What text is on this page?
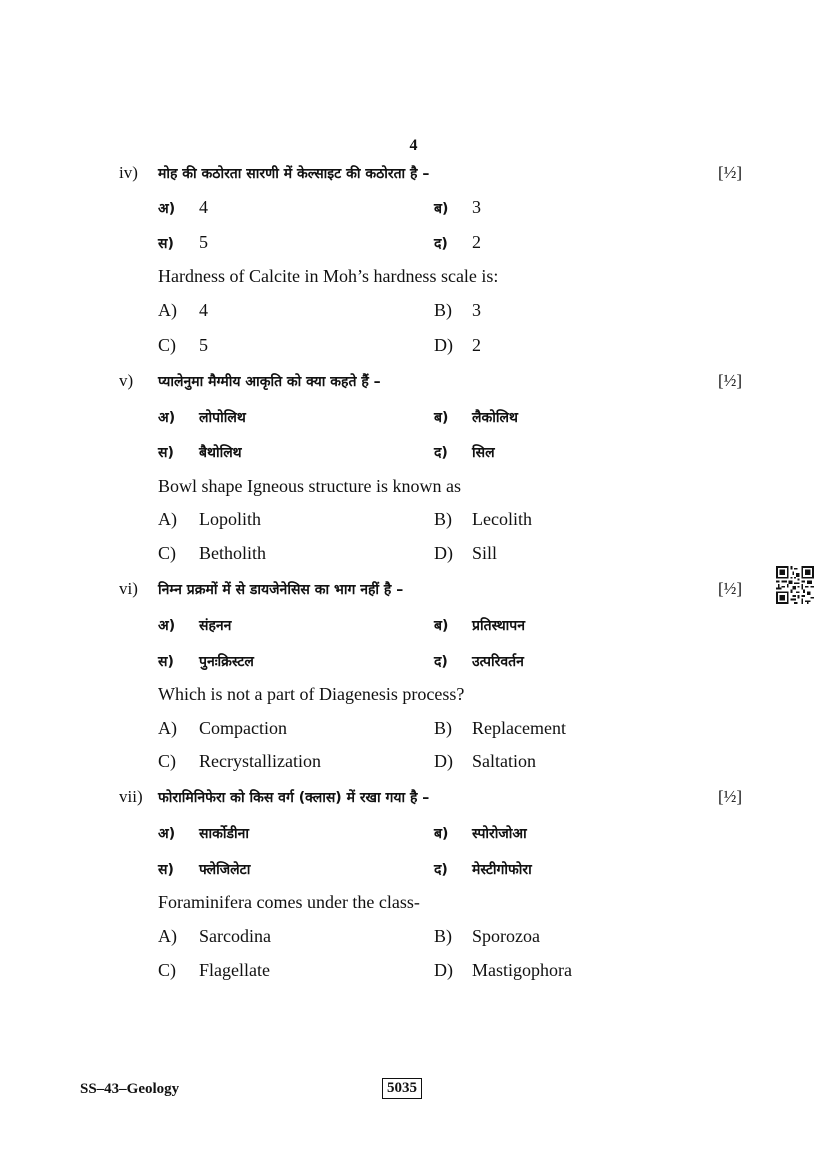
4
iv) मोह की कठोरता सारणी में केल्साइट की कठोरता है –	[½]
अ) 4	ब) 3
स) 5	द) 2
Hardness of Calcite in Moh’s hardness scale is:
A) 4	B) 3
C) 5	D) 2
v) प्यालेनुमा मैग्मीय आकृति को क्या कहते हैं –	[½]
अ) लोपोलिथ	ब) लैकोलिथ
स) बैथोलिथ	द) सिल
Bowl shape Igneous structure is known as
A) Lopolith	B) Lecolith
C) Betholith	D) Sill
vi) निम्न प्रक्रमों में से डायजेनेसिस का भाग नहीं है –	[½]
अ) संहनन	ब) प्रतिस्थापन
स) पुनःक्रिस्टल	द) उत्परिवर्तन
Which is not a part of Diagenesis process?
A) Compaction	B) Replacement
C) Recrystallization	D) Saltation
vii) फोरामिनिफेरा को किस वर्ग (क्लास) में रखा गया है –	[½]
अ) सार्कोडीना	ब) स्पोरोजोआ
स) फ्लेजिलेटा	द) मेस्टीगोफोरा
Foraminifera comes under the class-
A) Sarcodina	B) Sporozoa
C) Flagellate	D) Mastigophora
SS–43–Geology	5035
